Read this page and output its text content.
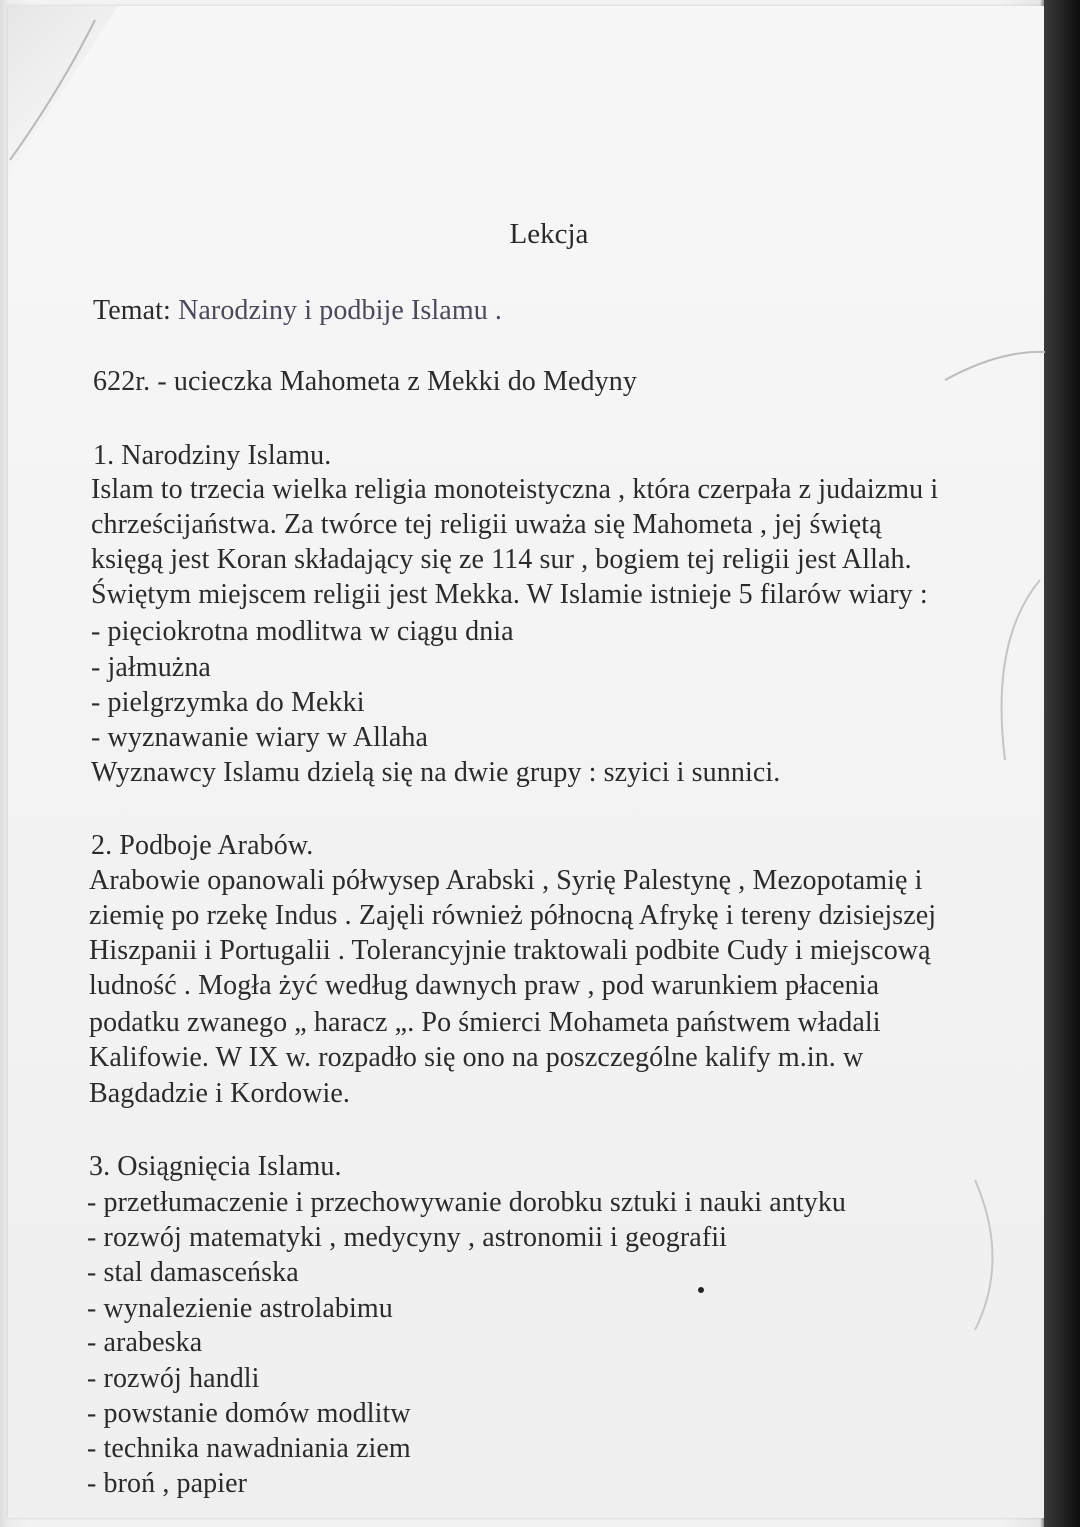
Lekcja
Temat: Narodziny i podbije Islamu .
622r. - ucieczka Mahometa z Mekki do Medyny
1. Narodziny Islamu.
Islam to trzecia wielka religia monoteistyczna , która czerpała z judaizmu i
chrześcijaństwa. Za twórce tej religii uważa się Mahometa , jej świętą
księgą jest Koran składający się ze 114 sur , bogiem tej religii jest Allah.
Świętym miejscem religii jest Mekka. W Islamie istnieje 5 filarów wiary :
- pięciokrotna modlitwa w ciągu dnia
- jałmużna
- pielgrzymka do Mekki
- wyznawanie wiary w Allaha
Wyznawcy Islamu dzielą się na dwie grupy : szyici i sunnici.
2. Podboje Arabów.
Arabowie opanowali półwysep Arabski , Syrię Palestynę , Mezopotamię i
ziemię po rzekę Indus . Zajęli również północną Afrykę i tereny dzisiejszej
Hiszpanii i Portugalii . Tolerancyjnie traktowali podbite Cudy i miejscową
ludność . Mogła żyć według dawnych praw , pod warunkiem płacenia
podatku zwanego „ haracz „. Po śmierci Mohameta państwem władali
Kalifowie. W IX w. rozpadło się ono na poszczególne kalify m.in. w
Bagdadzie i Kordowie.
3. Osiągnięcia Islamu.
- przetłumaczenie i przechowywanie dorobku sztuki i nauki antyku
- rozwój matematyki , medycyny , astronomii i geografii
- stal damasceńska
- wynalezienie astrolabimu
- arabeska
- rozwój handli
- powstanie domów modlitw
- technika nawadniania ziem
- broń , papier
